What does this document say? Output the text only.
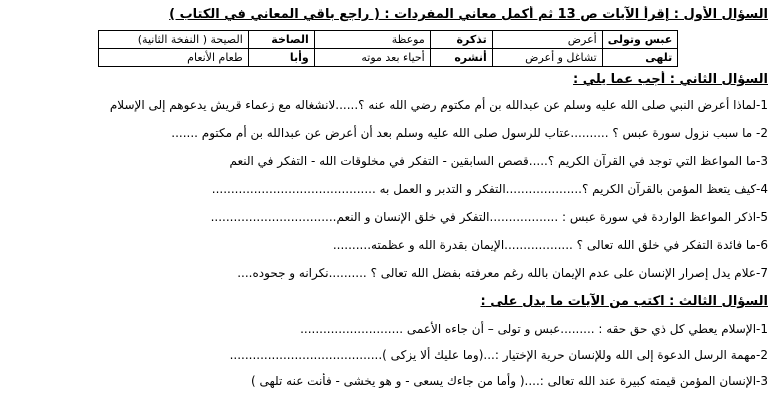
السؤال الأول : إقرأ الآيات ص 13 ثم أكمل معاني المفردات : ( راجع باقي المعاني في الكتاب )
عبس وتولى	أعرض	تذكرة	موعظة	الصاخة	الصيحة ( النفخة الثانية)
تلهى	تشاغل و أعرض	أنشره	أحياء بعد موته	وأبا	طعام الأنعام
السؤال الثاني : أجب عما يلي :
1-لماذا أعرض النبي صلى الله عليه وسلم عن عبدالله بن أم مكتوم رضي الله عنه ؟......لانشغاله مع زعماء قريش يدعوهم إلى الإسلام
2- ما سبب نزول سورة عبس ؟ ..........عتاب للرسول صلى الله عليه وسلم بعد أن أعرض عن عبدالله بن أم مكتوم .......
3-ما المواعظ التي توجد في القرآن الكريم ؟.....قصص السابقين - التفكر في مخلوقات الله - التفكر في النعم
4-كيف يتعظ المؤمن بالقرآن الكريم ؟....................التفكر و التدبر و العمل به ...........................................
5-اذكر المواعظ الواردة في سورة عبس : ..................التفكر في خلق الإنسان و النعم.................................
6-ما فائدة التفكر في خلق الله تعالى ؟ ..................الإيمان بقدرة الله و عظمته..........
7-علام يدل إصرار الإنسان على عدم الإيمان بالله رغم معرفته بفضل الله تعالى ؟ ..........نكرانه و جحوده....
السؤال الثالث : اكتب من الآيات ما يدل على :
1-الإسلام يعطي كل ذي حق حقه : .........عبس و تولى – أن جاءه الأعمى ...........................
2-مهمة الرسل الدعوة إلى الله وللإنسان حرية الإختيار :...(وما عليك ألا يزكى )........................................
3-الإنسان المؤمن قيمته كبيرة عند الله تعالى :....( وأما من جاءك يسعى - و هو يخشى - فأنت عنه تلهى )
